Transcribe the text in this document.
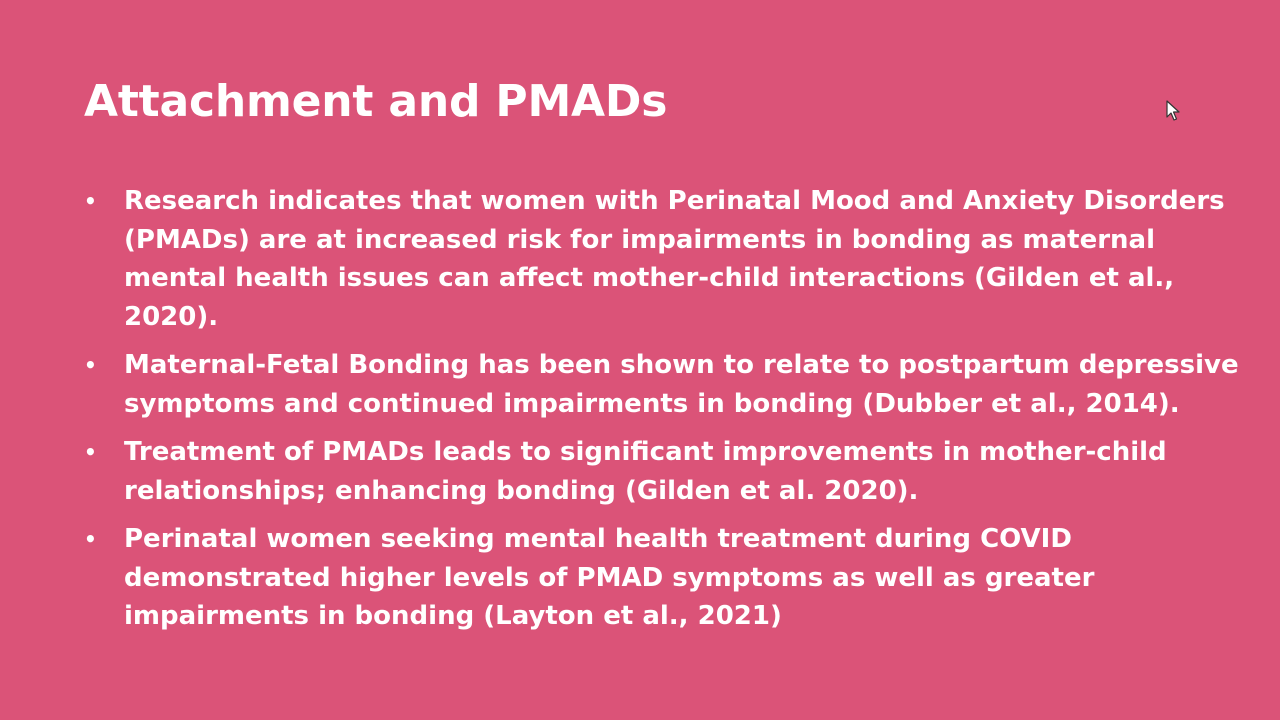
Attachment and PMADs
• Research indicates that women with Perinatal Mood and Anxiety Disorders (PMADs) are at increased risk for impairments in bonding as maternal mental health issues can affect mother-child interactions (Gilden et al., 2020).
• Maternal-Fetal Bonding has been shown to relate to postpartum depressive symptoms and continued impairments in bonding (Dubber et al., 2014).
• Treatment of PMADs leads to significant improvements in mother-child relationships; enhancing bonding (Gilden et al. 2020).
• Perinatal women seeking mental health treatment during COVID demonstrated higher levels of PMAD symptoms as well as greater impairments in bonding (Layton et al., 2021)
